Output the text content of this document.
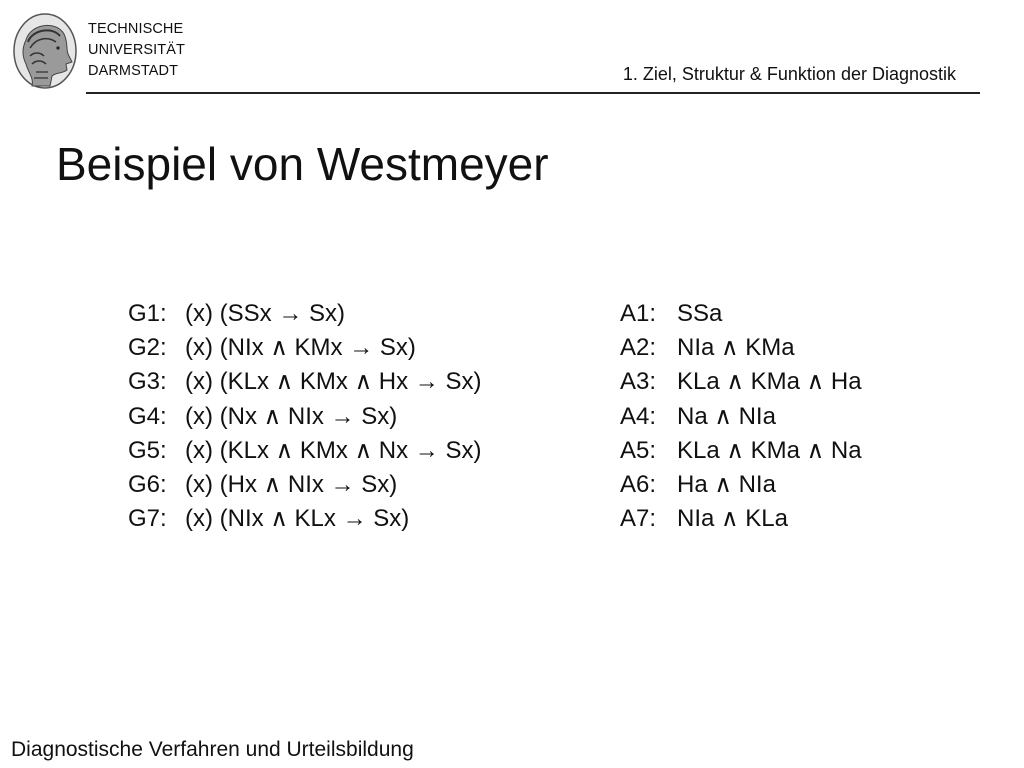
TECHNISCHE
UNIVERSITÄT
DARMSTADT	1. Ziel, Struktur & Funktion der Diagnostik
Beispiel von Westmeyer
G1: (x) (SSx → Sx)
G2: (x) (NIx ∧ KMx → Sx)
G3: (x) (KLx ∧ KMx ∧ Hx → Sx)
G4: (x) (Nx ∧ NIx → Sx)
G5: (x) (KLx ∧ KMx ∧ Nx → Sx)
G6: (x) (Hx ∧ NIx → Sx)
G7: (x) (NIx ∧ KLx → Sx)
A1: SSa
A2: NIa ∧ KMa
A3: KLa ∧ KMa ∧ Ha
A4: Na ∧ NIa
A5: KLa ∧ KMa ∧ Na
A6: Ha ∧ NIa
A7: NIa ∧ KLa
Diagnostische Verfahren und Urteilsbildung
